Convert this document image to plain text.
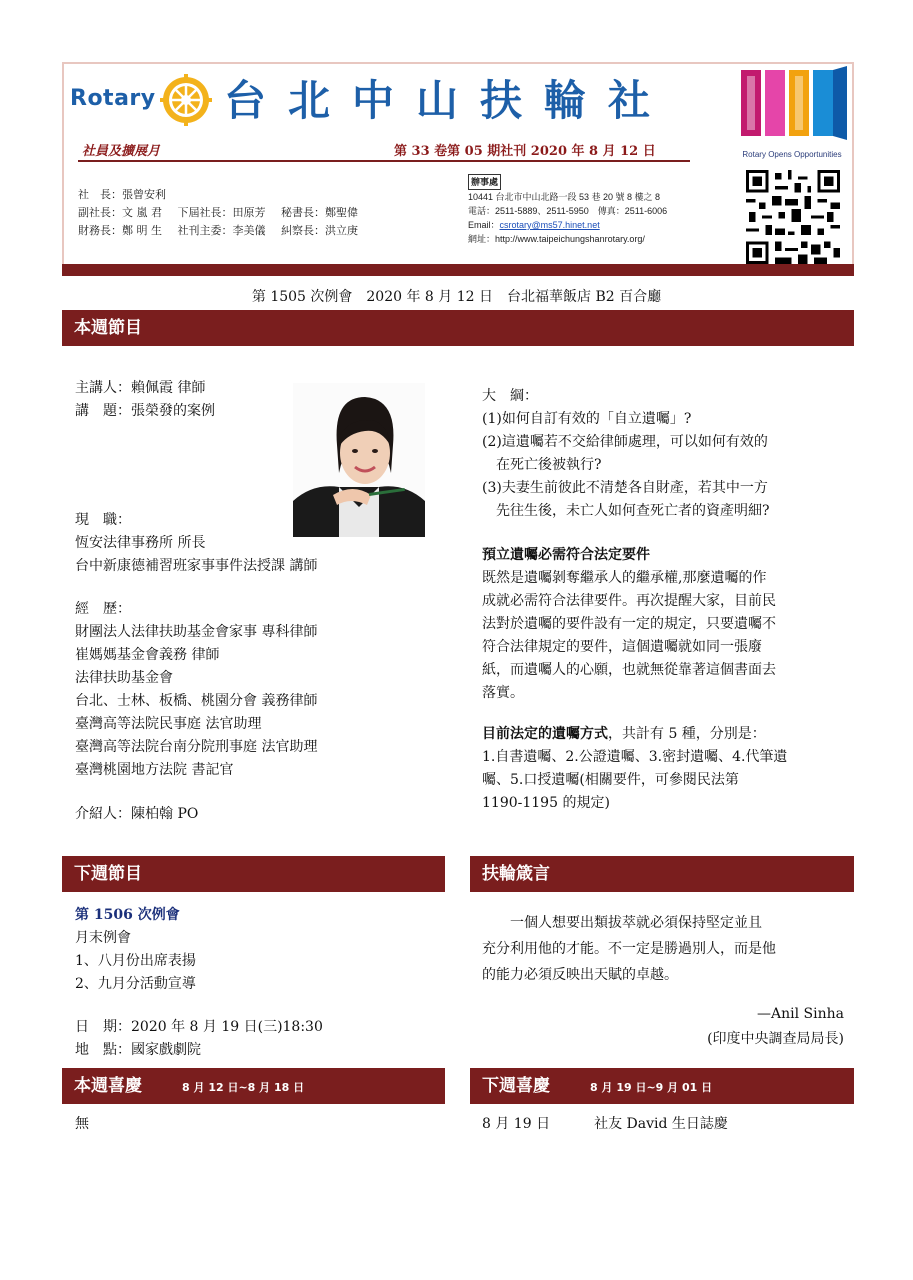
Rotary 台北中山扶輪社
Rotary Opens Opportunities
社員及擴展月	第 33 卷第 05 期社刊 2020 年 8 月 12 日
社　長：張曾安利
副社長：文 嵐 君 下屆社長：田原芳 秘書長：鄭聖偉
財務長：鄭 明 生 社刊主委：李美儀 糾察長：洪立庚
辦事處
10441 台北市中山北路一段 53 巷 20 號 8 樓之 8
電話：2511-5889、2511-5950　傳真：2511-6006
Email：csrotary@ms57.hinet.net
網址：http://www.taipeichungshanrotary.org/
第 1505 次例會　2020 年 8 月 12 日　台北福華飯店 B2 百合廳
本週節目

主講人：賴佩霞 律師

講　題：張榮發的案例

現　職：

恆安法律事務所 所長

台中新康德補習班家事事件法授課 講師

經　歷：

財團法人法律扶助基金會家事 專科律師

崔媽媽基金會義務 律師

法律扶助基金會

台北、士林、板橋、桃園分會 義務律師

臺灣高等法院民事庭 法官助理

臺灣高等法院台南分院刑事庭 法官助理

臺灣桃園地方法院 書記官

介紹人：陳柏翰 PO

大　綱：

(1)如何自訂有效的「自立遺囑」?

(2)這遺囑若不交給律師處理，可以如何有效的

　在死亡後被執行?

(3)夫妻生前彼此不清楚各自財產，若其中一方

　先往生後，未亡人如何查死亡者的資產明細?

預立遺囑必需符合法定要件

既然是遺囑剝奪繼承人的繼承權,那麼遺囑的作

成就必需符合法律要件。再次提醒大家，目前民

法對於遺囑的要件設有一定的規定，只要遺囑不

符合法律規定的要件，這個遺囑就如同一張廢

紙，而遺囑人的心願，也就無從靠著這個書面去

落實。

目前法定的遺囑方式，共計有 5 種，分別是：

1.自書遺囑、2.公證遺囑、3.密封遺囑、4.代筆遺

囑、5.口授遺囑(相關要件，可參閱民法第

1190-1195 的規定)

下週節目

第 1506 次例會

月末例會

1、八月份出席表揚

2、九月分活動宣導

日　期：2020 年 8 月 19 日(三)18:30

地　點：國家戲劇院

扶輪箴言

　　一個人想要出類拔萃就必須保持堅定並且

充分利用他的才能。不一定是勝過別人，而是他

的能力必須反映出天賦的卓越。

—Anil Sinha

(印度中央調查局局長)

本週喜慶	8 月 12 日~8 月 18 日

無

下週喜慶	8 月 19 日~9 月 01 日

8 月 19 日	社友 David 生日誌慶
